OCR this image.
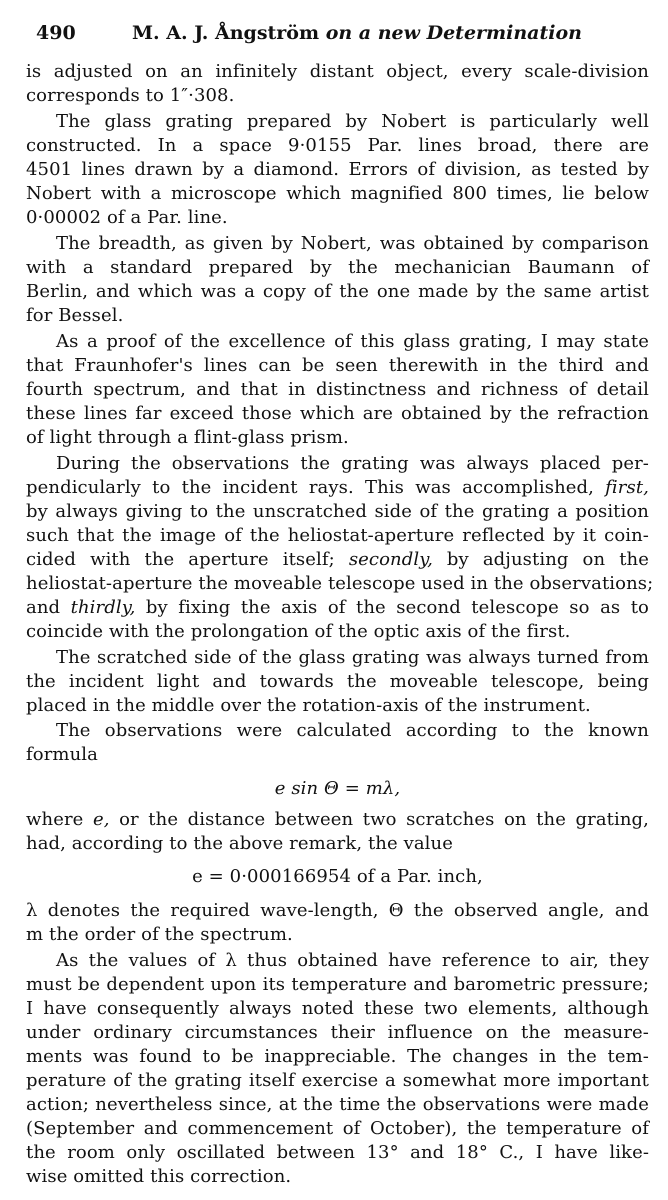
490	M. A. J. Ångström on a new Determination
is adjusted on an infinitely distant object, every scale-division
corresponds to 1″·308.
The glass grating prepared by Nobert is particularly well
constructed. In a space 9·0155 Par. lines broad, there are
4501 lines drawn by a diamond. Errors of division, as tested by
Nobert with a microscope which magnified 800 times, lie below
0·00002 of a Par. line.
The breadth, as given by Nobert, was obtained by comparison
with a standard prepared by the mechanician Baumann of
Berlin, and which was a copy of the one made by the same artist
for Bessel.
As a proof of the excellence of this glass grating, I may state
that Fraunhofer's lines can be seen therewith in the third and
fourth spectrum, and that in distinctness and richness of detail
these lines far exceed those which are obtained by the refraction
of light through a flint-glass prism.
During the observations the grating was always placed per-
pendicularly to the incident rays. This was accomplished, first,
by always giving to the unscratched side of the grating a position
such that the image of the heliostat-aperture reflected by it coin-
cided with the aperture itself; secondly, by adjusting on the
heliostat-aperture the moveable telescope used in the observations;
and thirdly, by fixing the axis of the second telescope so as to
coincide with the prolongation of the optic axis of the first.
The scratched side of the glass grating was always turned from
the incident light and towards the moveable telescope, being
placed in the middle over the rotation-axis of the instrument.
The observations were calculated according to the known
formula
e sin Θ = mλ,
where e, or the distance between two scratches on the grating,
had, according to the above remark, the value
e = 0·000166954 of a Par. inch,
λ denotes the required wave-length, Θ the observed angle, and
m the order of the spectrum.
As the values of λ thus obtained have reference to air, they
must be dependent upon its temperature and barometric pressure;
I have consequently always noted these two elements, although
under ordinary circumstances their influence on the measure-
ments was found to be inappreciable. The changes in the tem-
perature of the grating itself exercise a somewhat more important
action; nevertheless since, at the time the observations were made
(September and commencement of October), the temperature of
the room only oscillated between 13° and 18° C., I have like-
wise omitted this correction.
